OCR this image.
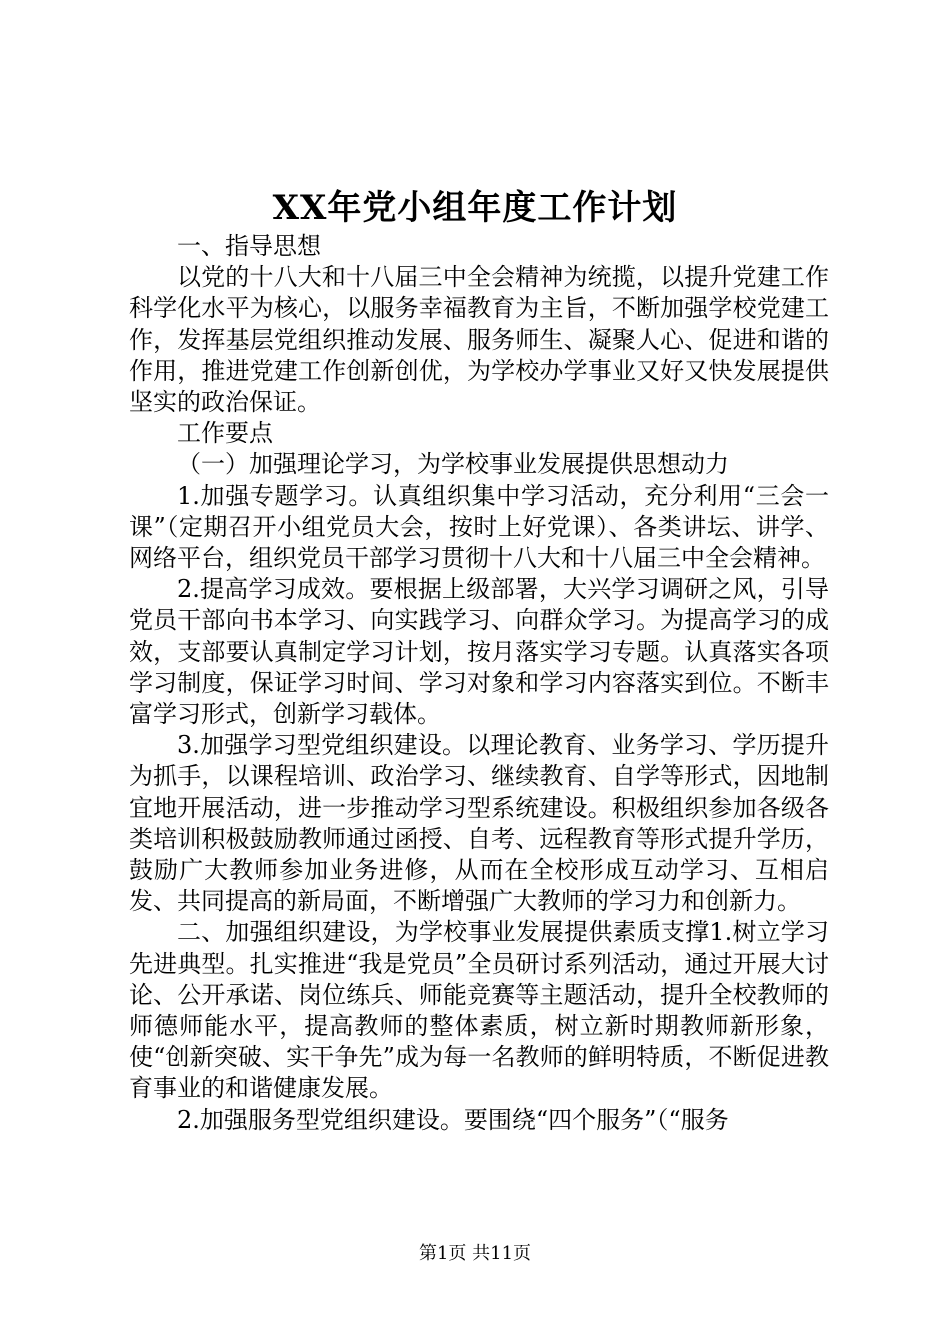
XX年党小组年度工作计划

一、指导思想

以党的十八大和十八届三中全会精神为统揽，以提升党建工作科学化水平为核心，以服务幸福教育为主旨，不断加强学校党建工作，发挥基层党组织推动发展、服务师生、凝聚人心、促进和谐的作用，推进党建工作创新创优，为学校办学事业又好又快发展提供坚实的政治保证。

工作要点

（一）加强理论学习，为学校事业发展提供思想动力

1.加强专题学习。认真组织集中学习活动，充分利用“三会一课”（定期召开小组党员大会，按时上好党课）、各类讲坛、讲学、网络平台，组织党员干部学习贯彻十八大和十八届三中全会精神。

2.提高学习成效。要根据上级部署，大兴学习调研之风，引导党员干部向书本学习、向实践学习、向群众学习。为提高学习的成效，支部要认真制定学习计划，按月落实学习专题。认真落实各项学习制度，保证学习时间、学习对象和学习内容落实到位。不断丰富学习形式，创新学习载体。

3.加强学习型党组织建设。以理论教育、业务学习、学历提升为抓手，以课程培训、政治学习、继续教育、自学等形式，因地制宜地开展活动，进一步推动学习型系统建设。积极组织参加各级各类培训积极鼓励教师通过函授、自考、远程教育等形式提升学历，鼓励广大教师参加业务进修，从而在全校形成互动学习、互相启发、共同提高的新局面，不断增强广大教师的学习力和创新力。

二、加强组织建设，为学校事业发展提供素质支撑1.树立学习先进典型。扎实推进“我是党员”全员研讨系列活动，通过开展大讨论、公开承诺、岗位练兵、师能竞赛等主题活动，提升全校教师的师德师能水平，提高教师的整体素质，树立新时期教师新形象，使“创新突破、实干争先”成为每一名教师的鲜明特质，不断促进教育事业的和谐健康发展。

2.加强服务型党组织建设。要围绕“四个服务”（“服务

第1页 共11页
